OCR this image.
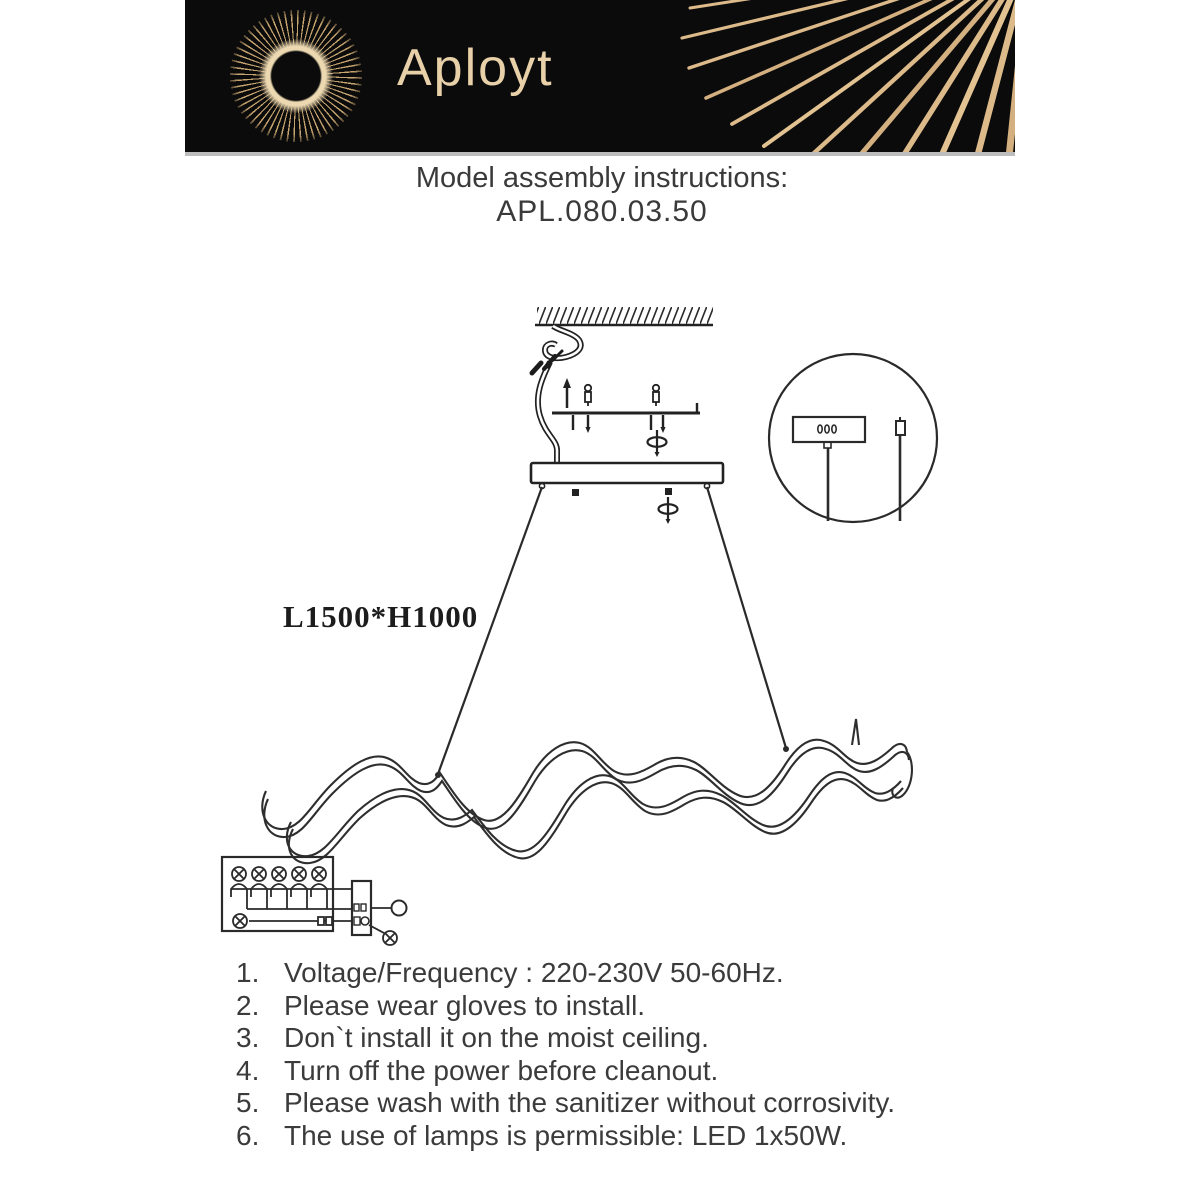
Aployt
Model assembly instructions:
APL.080.03.50
L1500*H1000
1. Voltage/Frequency : 220-230V 50-60Hz.
2. Please wear gloves to install.
3. Don`t install it on the moist ceiling.
4. Turn off the power before cleanout.
5. Please wash with the sanitizer without corrosivity.
6. The use of lamps is permissible: LED 1x50W.
